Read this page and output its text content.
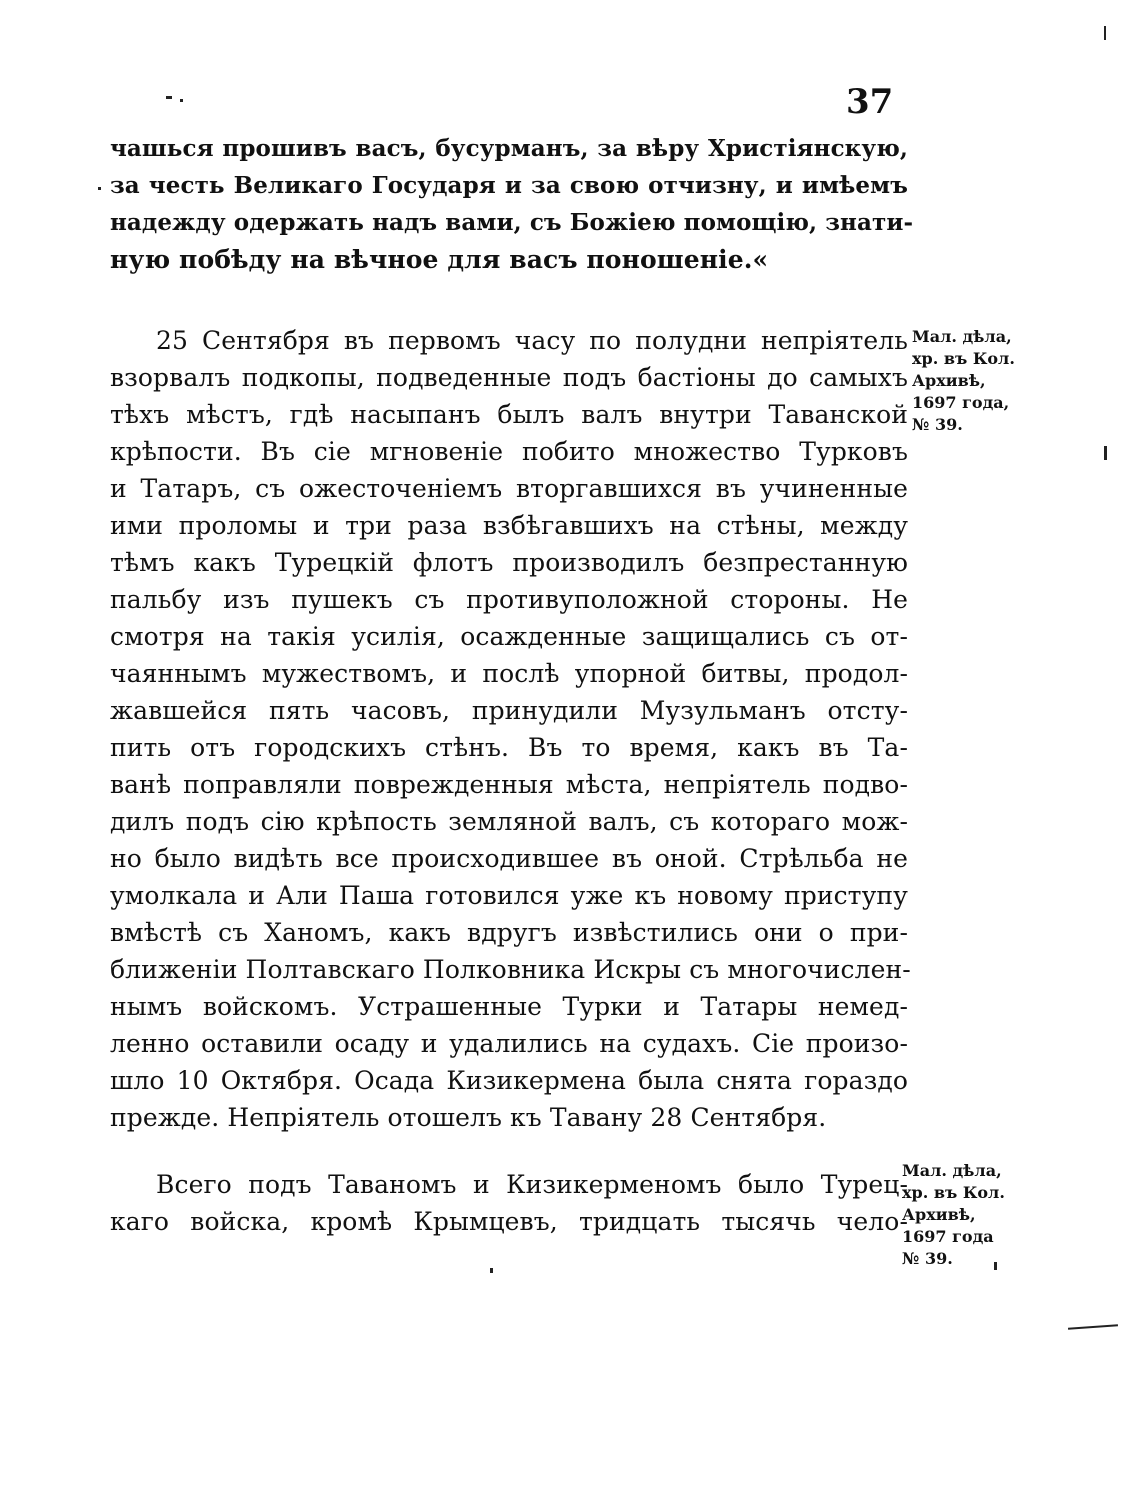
37
чашься прошивъ васъ, бусурманъ, за вѣру Христіянскую,
за честь Великаго Государя и за свою отчизну, и имѣемъ
надежду одержать надъ вами, съ Божіею помощію, знати-
ную побѣду на вѣчное для васъ поношеніе.«
25 Сентября въ первомъ часу по полудни непріятель
взорвалъ подкопы, подведенные подъ бастіоны до самыхъ
тѣхъ мѣстъ, гдѣ насыпанъ былъ валъ внутри Таванской
крѣпости. Въ сіе мгновеніе побито множество Турковъ
и Татаръ, съ ожесточеніемъ вторгавшихся въ учиненные
ими проломы и три раза взбѣгавшихъ на стѣны, между
тѣмъ какъ Турецкій флотъ производилъ безпрестанную
пальбу изъ пушекъ съ противуположной стороны. Не
смотря на такія усилія, осажденные защищались съ от-
чаяннымъ мужествомъ, и послѣ упорной битвы, продол-
жавшейся пять часовъ, принудили Музульманъ отсту-
пить отъ городскихъ стѣнъ. Въ то время, какъ въ Та-
ванѣ поправляли поврежденныя мѣста, непріятель подво-
дилъ подъ сію крѣпость земляной валъ, съ котораго мож-
но было видѣть все происходившее въ оной. Стрѣльба не
умолкала и Али Паша готовился уже къ новому приступу
вмѣстѣ съ Ханомъ, какъ вдругъ извѣстились они о при-
ближеніи Полтавскаго Полковника Искры съ многочислен-
нымъ войскомъ. Устрашенные Турки и Татары немед-
ленно оставили осаду и удалились на судахъ. Сіе произо-
шло 10 Октября. Осада Кизикермена была снята гораздо
прежде. Непріятель отошелъ къ Тавану 28 Сентября.
Всего подъ Таваномъ и Кизикерменомъ было Турец-
каго войска, кромѣ Крымцевъ, тридцать тысячь чело-
Мал. дѣла,
хр. въ Кол.
Архивѣ,
1697 года,
№ 39.
Мал. дѣла,
хр. въ Кол.
Архивѣ,
1697 года
№ 39.
